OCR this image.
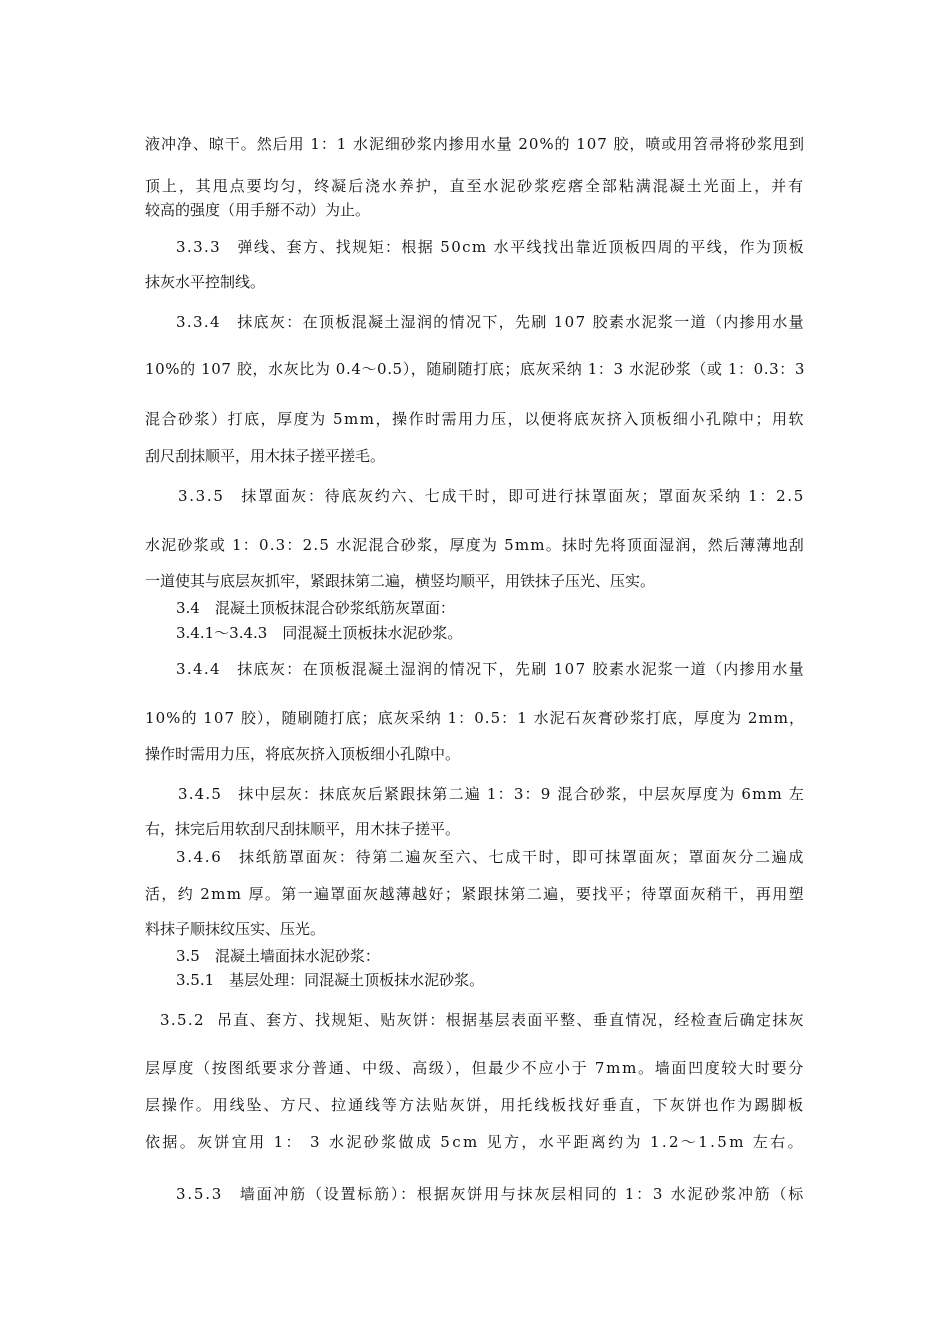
液冲净、晾干。然后用 1：1 水泥细砂浆内掺用水量 20%的 107 胶，喷或用笤帚将砂浆甩到

顶上，其甩点要均匀，终凝后浇水养护，直至水泥砂浆疙瘩全部粘满混凝土光面上，并有

较高的强度（用手掰不动）为止。

3.3.3　弹线、套方、找规矩：根据 50cm 水平线找出靠近顶板四周的平线，作为顶板

抹灰水平控制线。

3.3.4　抹底灰：在顶板混凝土湿润的情况下，先刷 107 胶素水泥浆一道（内掺用水量

10%的 107 胶，水灰比为 0.4～0.5），随刷随打底；底灰采纳 1：3 水泥砂浆（或 1：0.3：3

混合砂浆）打底，厚度为 5mm，操作时需用力压，以便将底灰挤入顶板细小孔隙中；用软

刮尺刮抹顺平，用木抹子搓平搓毛。

3.3.5　抹罩面灰：待底灰约六、七成干时，即可进行抹罩面灰；罩面灰采纳 1：2.5

水泥砂浆或 1：0.3：2.5 水泥混合砂浆，厚度为 5mm。抹时先将顶面湿润，然后薄薄地刮

一道使其与底层灰抓牢，紧跟抹第二遍，横竖均顺平，用铁抹子压光、压实。

3.4　混凝土顶板抹混合砂浆纸筋灰罩面：

3.4.1～3.4.3　同混凝土顶板抹水泥砂浆。

3.4.4　抹底灰：在顶板混凝土湿润的情况下，先刷 107 胶素水泥浆一道（内掺用水量

10%的 107 胶），随刷随打底；底灰采纳 1：0.5：1 水泥石灰膏砂浆打底，厚度为 2mm，

操作时需用力压，将底灰挤入顶板细小孔隙中。

3.4.5　抹中层灰：抹底灰后紧跟抹第二遍 1：3：9 混合砂浆，中层灰厚度为 6mm 左

右，抹完后用软刮尺刮抹顺平，用木抹子搓平。

3.4.6　抹纸筋罩面灰：待第二遍灰至六、七成干时，即可抹罩面灰；罩面灰分二遍成

活，约 2mm 厚。第一遍罩面灰越薄越好；紧跟抹第二遍，要找平；待罩面灰稍干，再用塑

料抹子顺抹纹压实、压光。

3.5　混凝土墙面抹水泥砂浆：

3.5.1　基层处理：同混凝土顶板抹水泥砂浆。

3.5.2  吊直、套方、找规矩、贴灰饼：根据基层表面平整、垂直情况，经检查后确定抹灰

层厚度（按图纸要求分普通、中级、高级），但最少不应小于 7mm。墙面凹度较大时要分

层操作。用线坠、方尺、拉通线等方法贴灰饼，用托线板找好垂直，下灰饼也作为踢脚板

依据。灰饼宜用 1： 3 水泥砂浆做成 5cm 见方，水平距离约为 1.2～1.5m 左右。

3.5.3　墙面冲筋（设置标筋）：根据灰饼用与抹灰层相同的 1：3 水泥砂浆冲筋（标
